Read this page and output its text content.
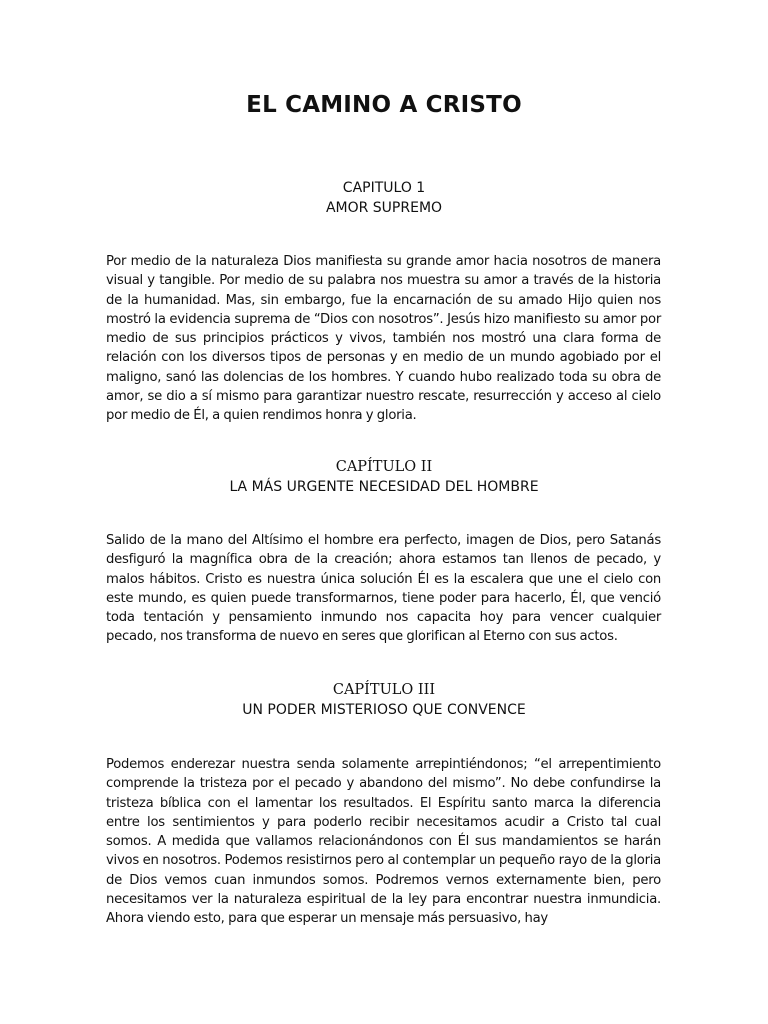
EL CAMINO A CRISTO
CAPITULO 1
AMOR SUPREMO

Por medio de la naturaleza Dios manifiesta su grande amor hacia nosotros de manera visual y tangible. Por medio de su palabra nos muestra su amor a través de la historia de la humanidad. Mas, sin embargo, fue la encarnación de su amado Hijo quien nos mostró la evidencia suprema de “Dios con nosotros”. Jesús hizo manifiesto su amor por medio de sus principios prácticos y vivos, también nos mostró una clara forma de relación con los diversos tipos de personas y en medio de un mundo agobiado por el maligno, sanó las dolencias de los hombres. Y cuando hubo realizado toda su obra de amor, se dio a sí mismo para garantizar nuestro rescate, resurrección y acceso al cielo por medio de Él, a quien rendimos honra y gloria.

CAPÍTULO II
LA MÁS URGENTE NECESIDAD DEL HOMBRE

Salido de la mano del Altísimo el hombre era perfecto, imagen de Dios, pero Satanás desfiguró la magnífica obra de la creación; ahora estamos tan llenos de pecado, y malos hábitos. Cristo es nuestra única solución Él es la escalera que une el cielo con este mundo, es quien puede transformarnos, tiene poder para hacerlo, Él, que venció toda tentación y pensamiento inmundo nos capacita hoy para vencer cualquier pecado, nos transforma de nuevo en seres que glorifican al Eterno con sus actos.

CAPÍTULO III
UN PODER MISTERIOSO QUE CONVENCE

Podemos enderezar nuestra senda solamente arrepintiéndonos; “el arrepentimiento comprende la tristeza por el pecado y abandono del mismo”. No debe confundirse la tristeza bíblica con el lamentar los resultados. El Espíritu santo marca la diferencia entre los sentimientos y para poderlo recibir necesitamos acudir a Cristo tal cual somos. A medida que vallamos relacionándonos con Él sus mandamientos se harán vivos en nosotros. Podemos resistirnos pero al contemplar un pequeño rayo de la gloria de Dios vemos cuan inmundos somos. Podremos vernos externamente bien, pero necesitamos ver la naturaleza espiritual de la ley para encontrar nuestra inmundicia. Ahora viendo esto, para que esperar un mensaje más persuasivo, hay
